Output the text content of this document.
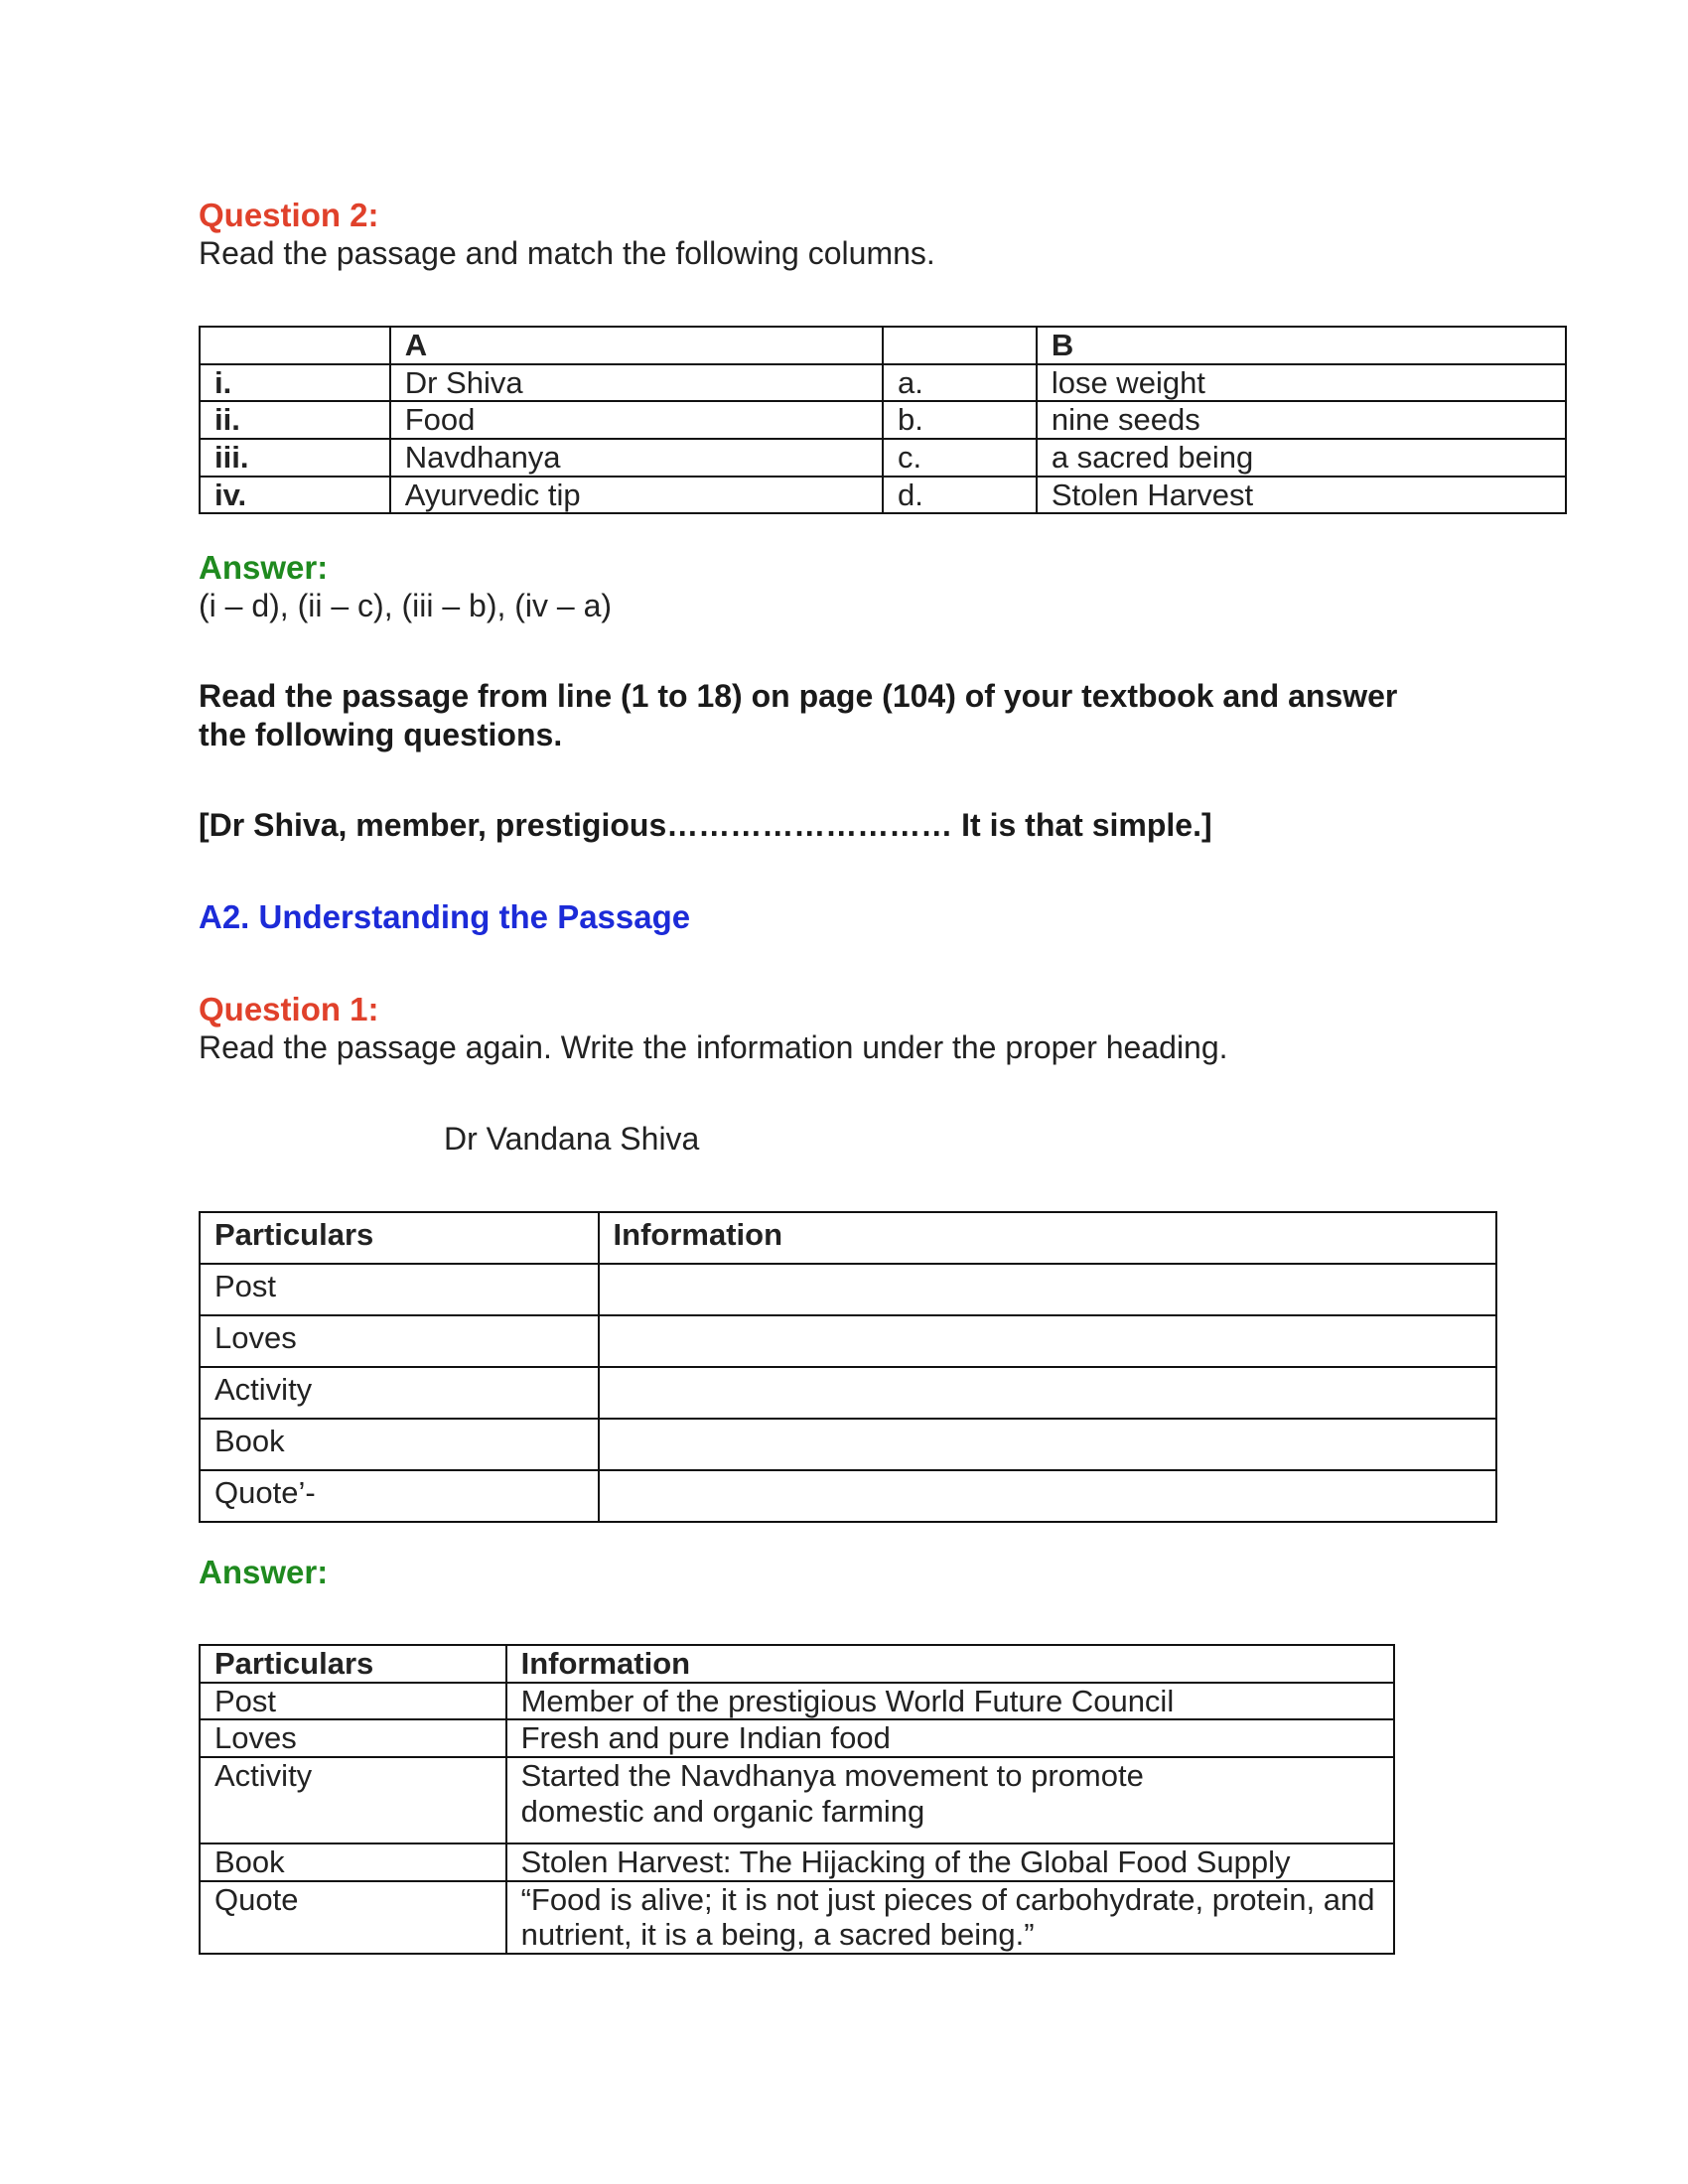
Question 2:
Read the passage and match the following columns.
	A		B
i.	Dr Shiva	a.	lose weight
ii.	Food	b.	nine seeds
iii.	Navdhanya	c.	a sacred being
iv.	Ayurvedic tip	d.	Stolen Harvest
Answer:
(i – d), (ii – c), (iii – b), (iv – a)
Read the passage from line (1 to 18) on page (104) of your textbook and answer
the following questions.
[Dr Shiva, member, prestigious……………………… It is that simple.]
A2. Understanding the Passage
Question 1:
Read the passage again. Write the information under the proper heading.
Dr Vandana Shiva
Particulars	Information
Post	
Loves	
Activity	
Book	
Quote’-	
Answer:
Particulars	Information
Post	Member of the prestigious World Future Council
Loves	Fresh and pure Indian food
Activity	Started the Navdhanya movement to promote domestic and organic farming
Book	Stolen Harvest: The Hijacking of the Global Food Supply
Quote	“Food is alive; it is not just pieces of carbohydrate, protein, and nutrient, it is a being, a sacred being.”
